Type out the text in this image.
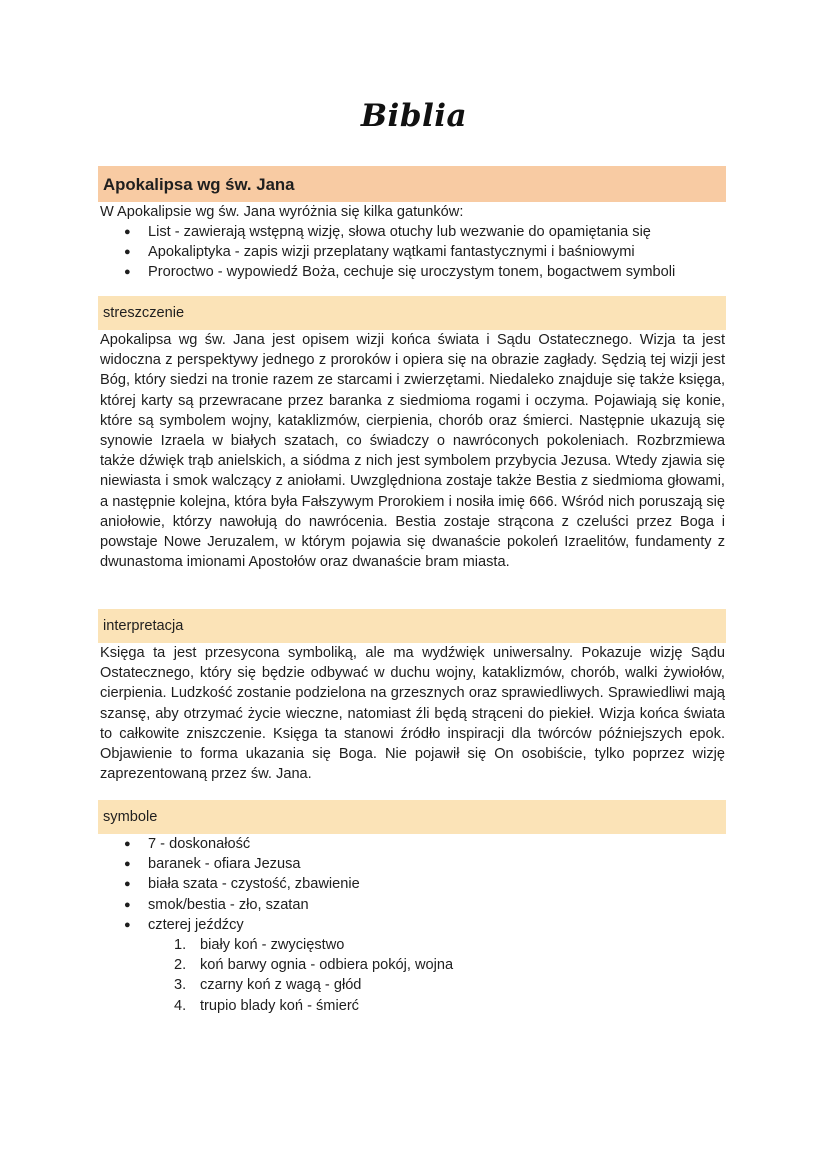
Biblia
Apokalipsa wg św. Jana

W Apokalipsie wg św. Jana wyróżnia się kilka gatunków:

● List - zawierają wstępną wizję, słowa otuchy lub wezwanie do opamiętania się
● Apokaliptyka - zapis wizji przeplatany wątkami fantastycznymi i baśniowymi
● Proroctwo - wypowiedź Boża, cechuje się uroczystym tonem, bogactwem symboli
streszczenie

Apokalipsa wg św. Jana jest opisem wizji końca świata i Sądu Ostatecznego. Wizja ta jest widoczna z perspektywy jednego z proroków i opiera się na obrazie zagłady. Sędzią tej wizji jest Bóg, który siedzi na tronie razem ze starcami i zwierzętami. Niedaleko znajduje się także księga, której karty są przewracane przez baranka z siedmioma rogami i oczyma. Pojawiają się konie, które są symbolem wojny, kataklizmów, cierpienia, chorób oraz śmierci. Następnie ukazują się synowie Izraela w białych szatach, co świadczy o nawróconych pokoleniach. Rozbrzmiewa także dźwięk trąb anielskich, a siódma z nich jest symbolem przybycia Jezusa. Wtedy zjawia się niewiasta i smok walczący z aniołami. Uwzględniona zostaje także Bestia z siedmioma głowami, a następnie kolejna, która była Fałszywym Prorokiem i nosiła imię 666. Wśród nich poruszają się aniołowie, którzy nawołują do nawrócenia. Bestia zostaje strącona z czeluści przez Boga i powstaje Nowe Jeruzalem, w którym pojawia się dwanaście pokoleń Izraelitów, fundamenty z dwunastoma imionami Apostołów oraz dwanaście bram miasta.

interpretacja

Księga ta jest przesycona symboliką, ale ma wydźwięk uniwersalny. Pokazuje wizję Sądu Ostatecznego, który się będzie odbywać w duchu wojny, kataklizmów, chorób, walki żywiołów, cierpienia. Ludzkość zostanie podzielona na grzesznych oraz sprawiedliwych. Sprawiedliwi mają szansę, aby otrzymać życie wieczne, natomiast źli będą strąceni do piekieł. Wizja końca świata to całkowite zniszczenie. Księga ta stanowi źródło inspiracji dla twórców późniejszych epok. Objawienie to forma ukazania się Boga. Nie pojawił się On osobiście, tylko poprzez wizję zaprezentowaną przez św. Jana.

symbole
● 7 - doskonałość
● baranek - ofiara Jezusa
● biała szata - czystość, zbawienie
● smok/bestia - zło, szatan
● czterej jeźdźcy
1. biały koń - zwycięstwo
2. koń barwy ognia - odbiera pokój, wojna
3. czarny koń z wagą - głód
4. trupio blady koń - śmierć
